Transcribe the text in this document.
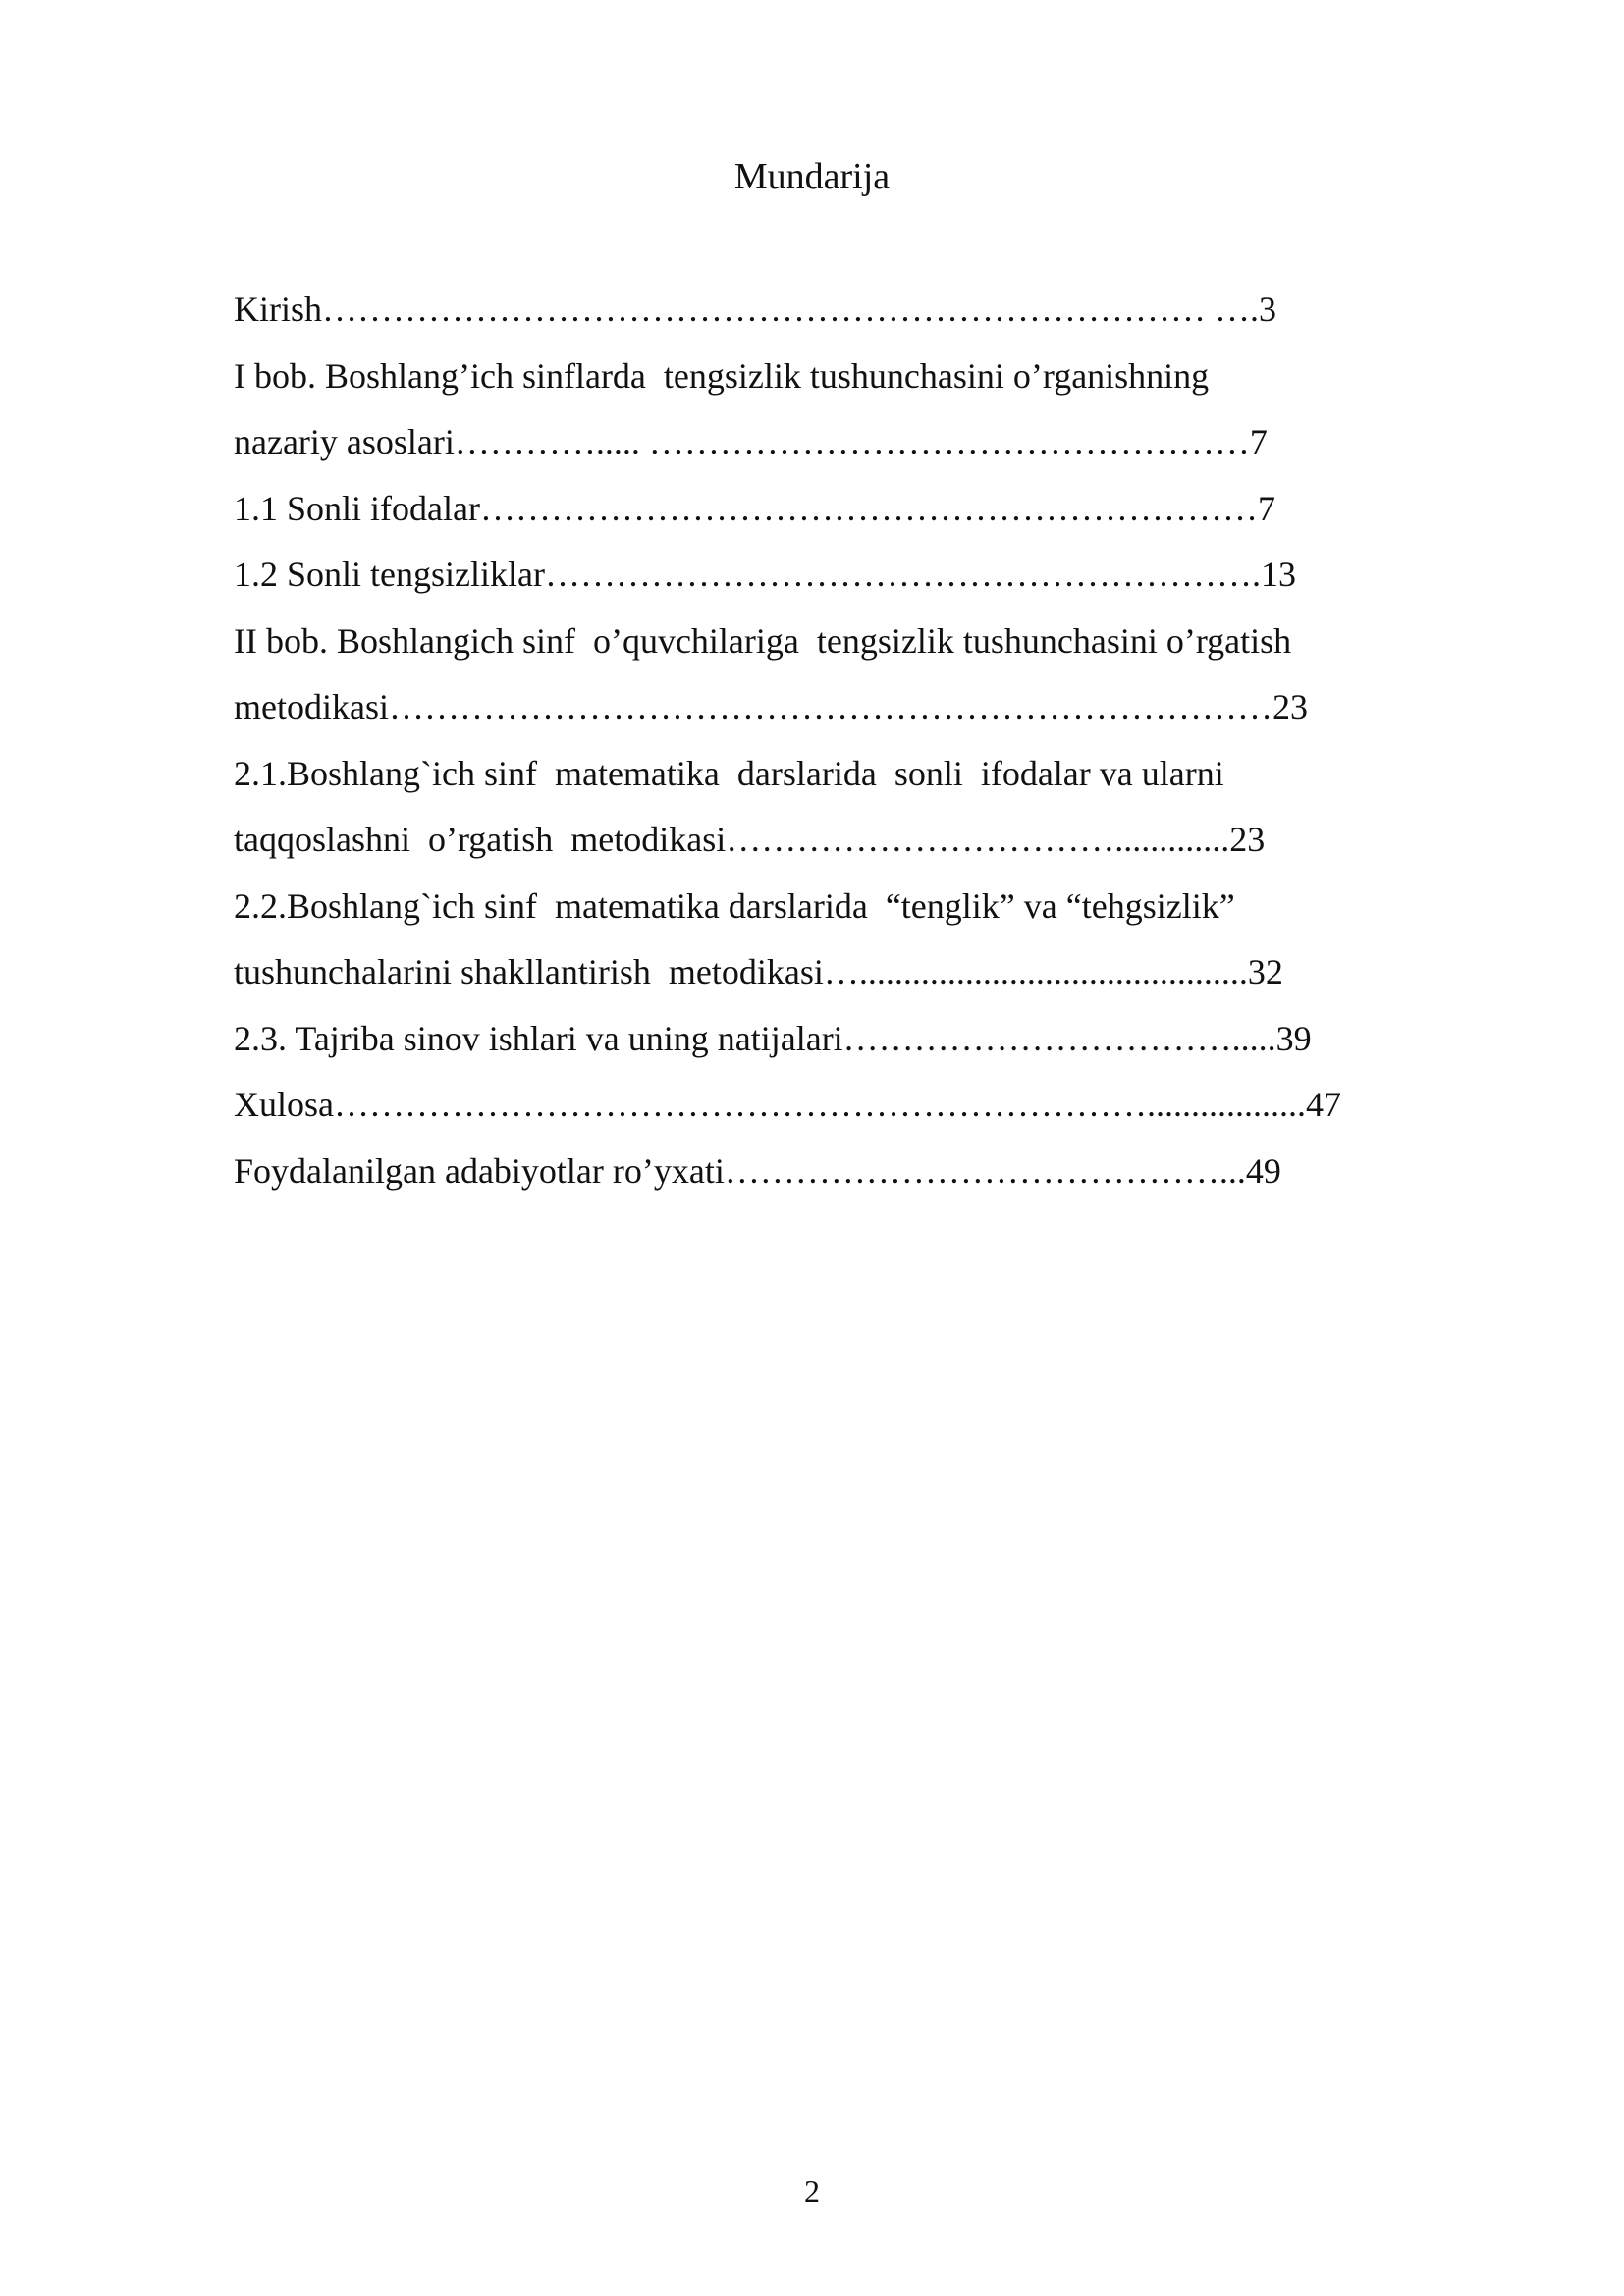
Mundarija
Kirish………………………………………………………………… ….3
I bob. Boshlang’ich sinflarda  tengsizlik tushunchasini o’rganishning
nazariy asoslari…………..... ……………………………………………7
1.1 Sonli ifodalar…………………………………………………………7
1.2 Sonli tengsizliklar…………………………………………………….13
II bob. Boshlangich sinf  o’quvchilariga  tengsizlik tushunchasini o’rgatish
metodikasi…………………………………………………………………23
2.1.Boshlang`ich sinf  matematika  darslarida  sonli  ifodalar va ularni
taqqoslashni  o’rgatish  metodikasi…………………………….............23
2.2.Boshlang`ich sinf  matematika darslarida  “tenglik” va “tehgsizlik”
tushunchalarini shakllantirish  metodikasi…............................................32
2.3. Tajriba sinov ishlari va uning natijalari…………………………….....39
Xulosa……………………………………………………………..................47
Foydalanilgan adabiyotlar ro’yxati……………………………………...49
2
